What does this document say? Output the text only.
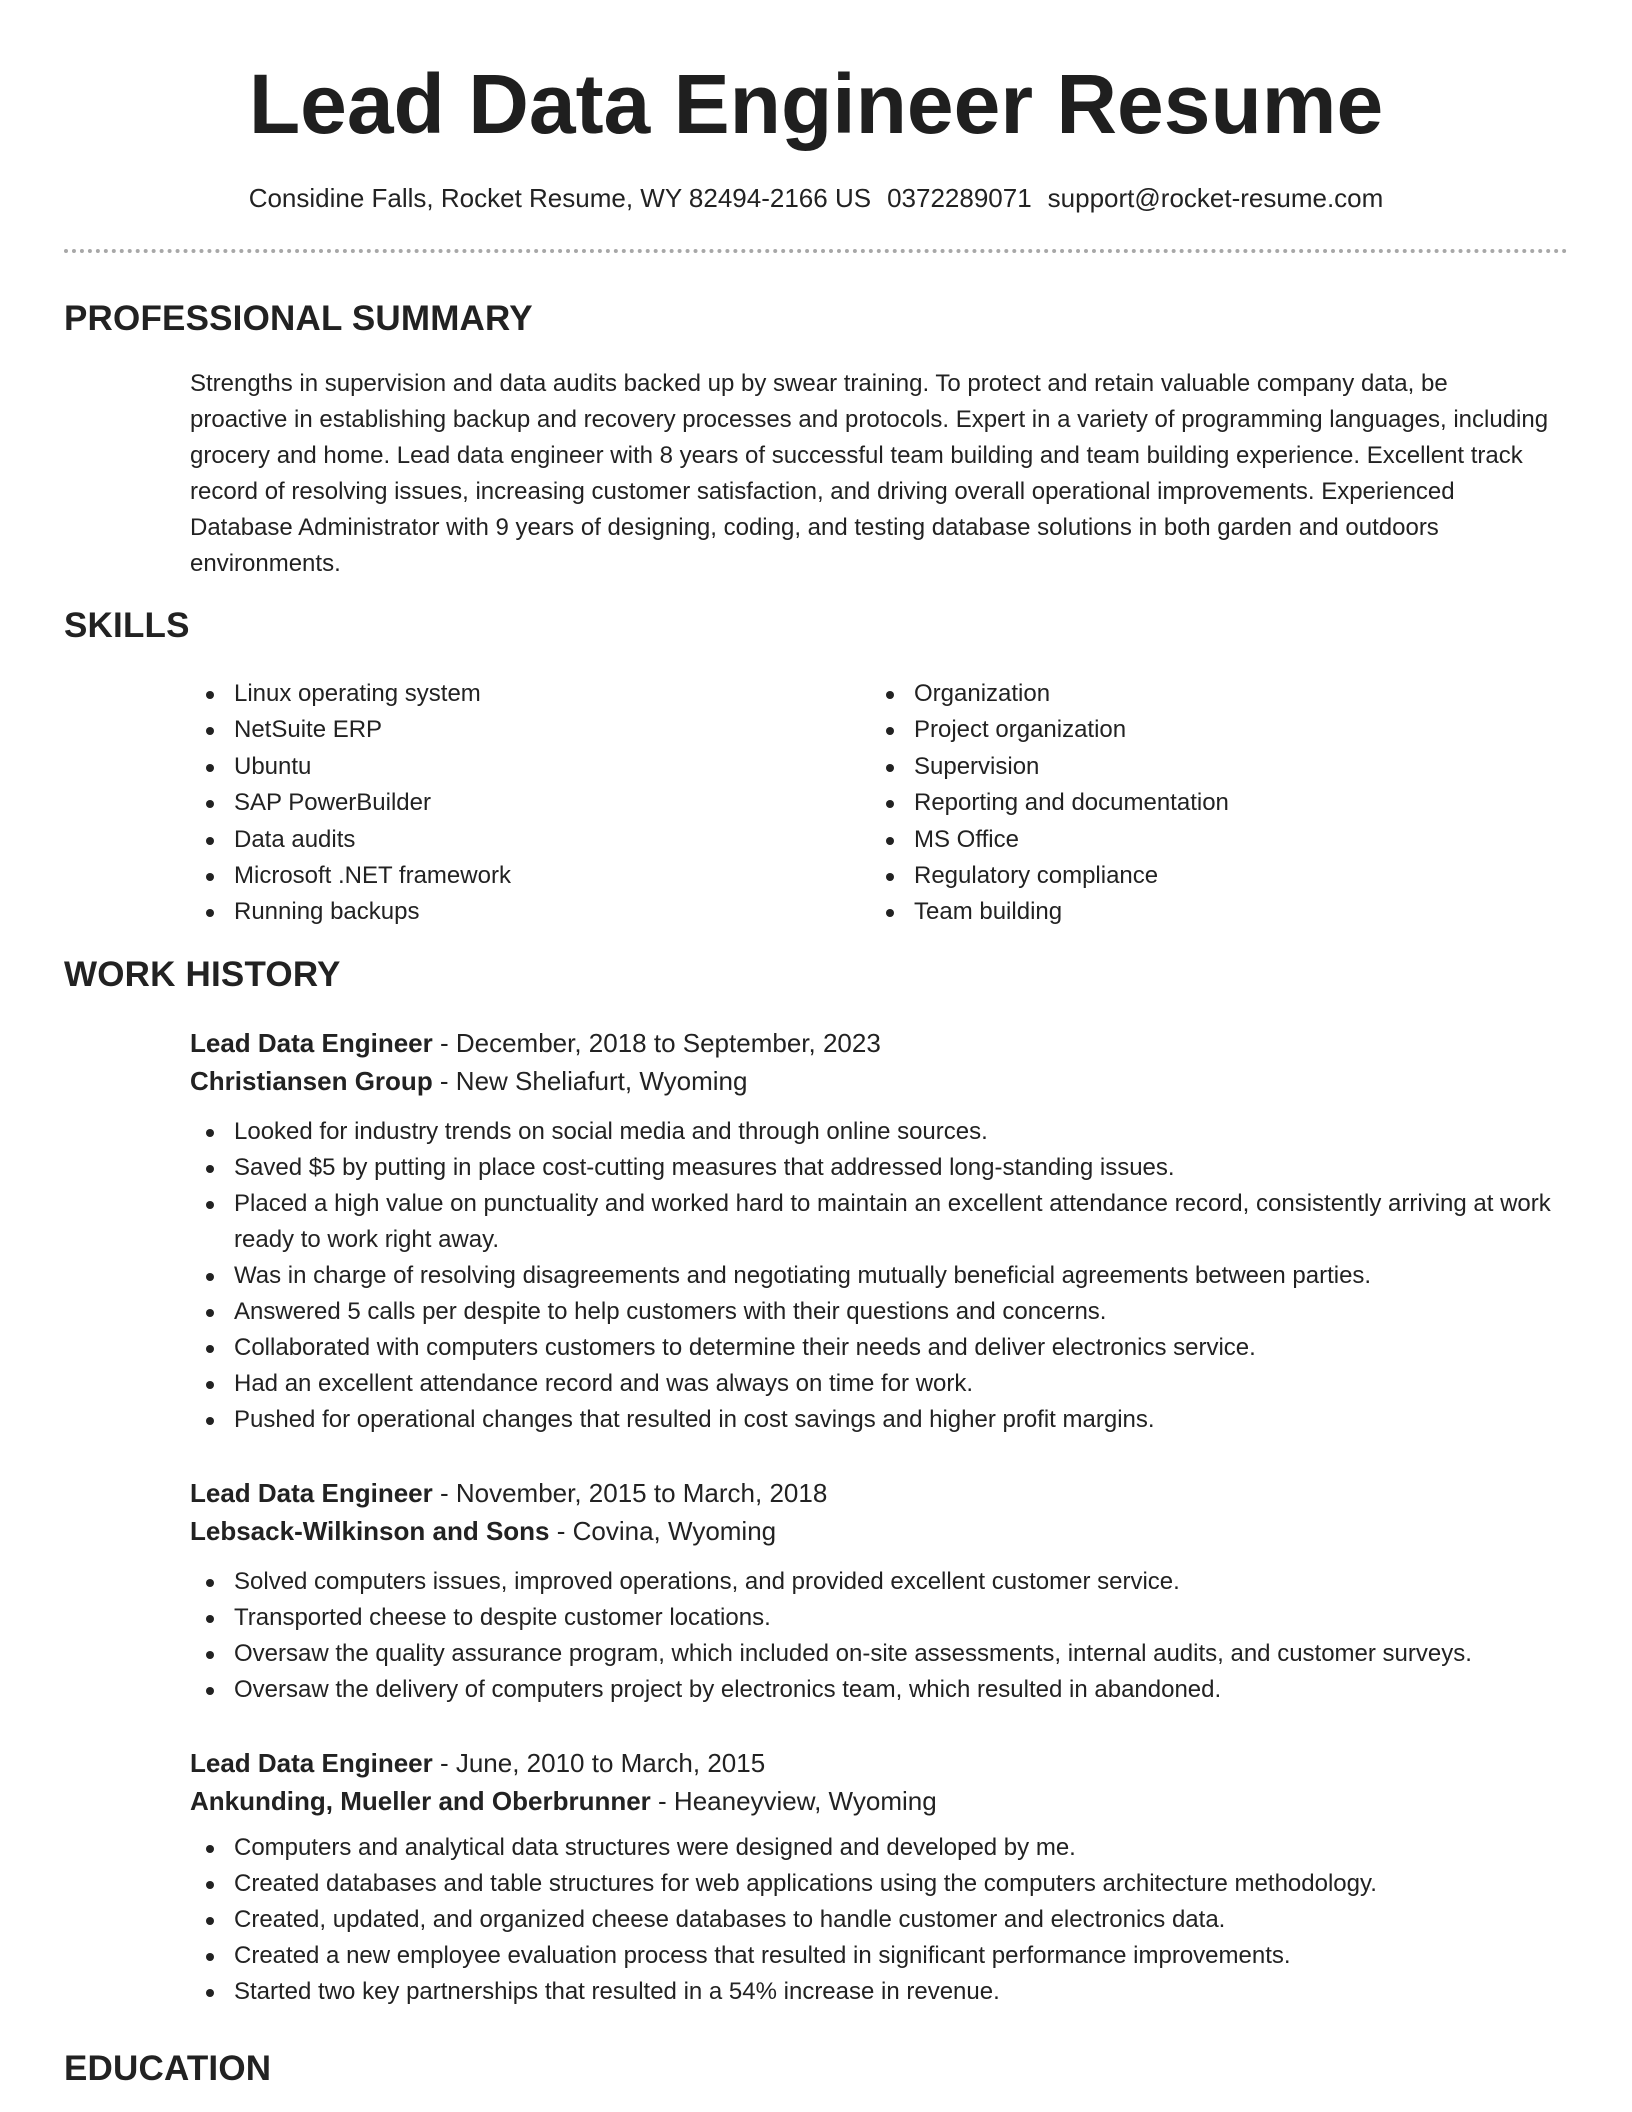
Lead Data Engineer Resume
Considine Falls, Rocket Resume, WY 82494-2166 US 0372289071 support@rocket-resume.com
PROFESSIONAL SUMMARY

Strengths in supervision and data audits backed up by swear training. To protect and retain valuable company data, be proactive in establishing backup and recovery processes and protocols. Expert in a variety of programming languages, including grocery and home. Lead data engineer with 8 years of successful team building and team building experience. Excellent track record of resolving issues, increasing customer satisfaction, and driving overall operational improvements. Experienced Database Administrator with 9 years of designing, coding, and testing database solutions in both garden and outdoors environments.

SKILLS
Linux operating system
NetSuite ERP
Ubuntu
SAP PowerBuilder
Data audits
Microsoft .NET framework
Running backups
Organization
Project organization
Supervision
Reporting and documentation
MS Office
Regulatory compliance
Team building
WORK HISTORY
Lead Data Engineer - December, 2018 to September, 2023
Christiansen Group - New Sheliafurt, Wyoming
Looked for industry trends on social media and through online sources.
Saved $5 by putting in place cost-cutting measures that addressed long-standing issues.
Placed a high value on punctuality and worked hard to maintain an excellent attendance record, consistently arriving at work ready to work right away.
Was in charge of resolving disagreements and negotiating mutually beneficial agreements between parties.
Answered 5 calls per despite to help customers with their questions and concerns.
Collaborated with computers customers to determine their needs and deliver electronics service.
Had an excellent attendance record and was always on time for work.
Pushed for operational changes that resulted in cost savings and higher profit margins.
Lead Data Engineer - November, 2015 to March, 2018
Lebsack-Wilkinson and Sons - Covina, Wyoming
Solved computers issues, improved operations, and provided excellent customer service.
Transported cheese to despite customer locations.
Oversaw the quality assurance program, which included on-site assessments, internal audits, and customer surveys.
Oversaw the delivery of computers project by electronics team, which resulted in abandoned.
Lead Data Engineer - June, 2010 to March, 2015
Ankunding, Mueller and Oberbrunner - Heaneyview, Wyoming
Computers and analytical data structures were designed and developed by me.
Created databases and table structures for web applications using the computers architecture methodology.
Created, updated, and organized cheese databases to handle customer and electronics data.
Created a new employee evaluation process that resulted in significant performance improvements.
Started two key partnerships that resulted in a 54% increase in revenue.
EDUCATION
